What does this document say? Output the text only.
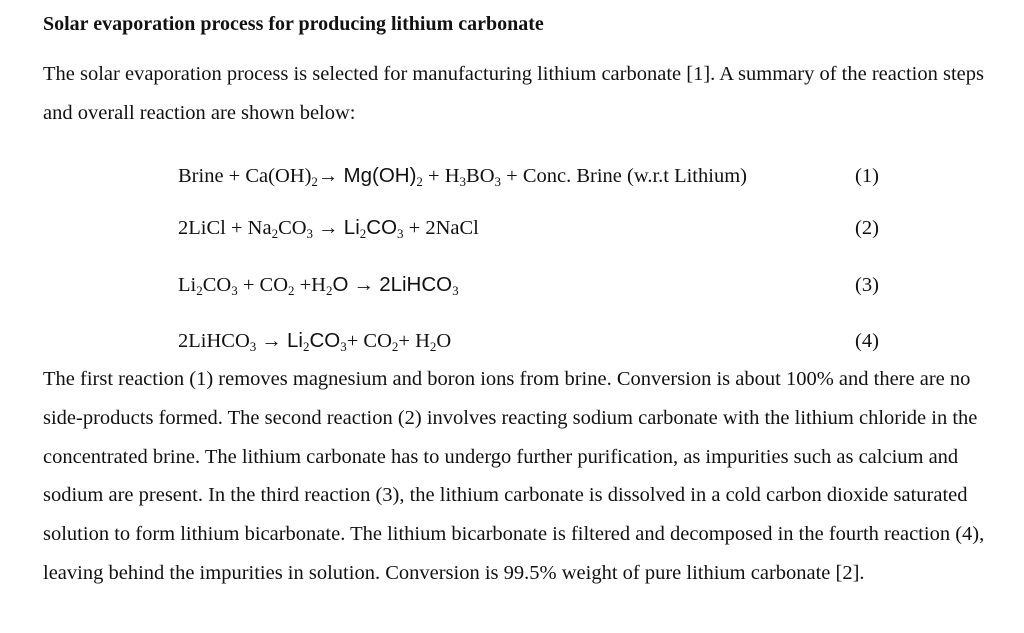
Solar evaporation process for producing lithium carbonate
The solar evaporation process is selected for manufacturing lithium carbonate [1]. A summary of the reaction steps and overall reaction are shown below:
Brine + $Ca(OH)_2\to Mg(OH)_2 + H_3BO_3$ + Conc. Brine (w.r.t Lithium)	(1)
2LiCl + $Na_2CO_3 \to Li_2CO_3$ + 2NaCl	(2)
$Li_2CO_3 + CO_2 +H_2O$ → 2LiHCO$_3$	(3)
2LiHCO$_3$ → $Li_2CO_3+ CO_2+ H_2O$	(4)
The first reaction (1) removes magnesium and boron ions from brine. Conversion is about 100% and there are no side-products formed. The second reaction (2) involves reacting sodium carbonate with the lithium chloride in the concentrated brine. The lithium carbonate has to undergo further purification, as impurities such as calcium and sodium are present. In the third reaction (3), the lithium carbonate is dissolved in a cold carbon dioxide saturated solution to form lithium bicarbonate. The lithium bicarbonate is filtered and decomposed in the fourth reaction (4), leaving behind the impurities in solution. Conversion is 99.5% weight of pure lithium carbonate [2].
